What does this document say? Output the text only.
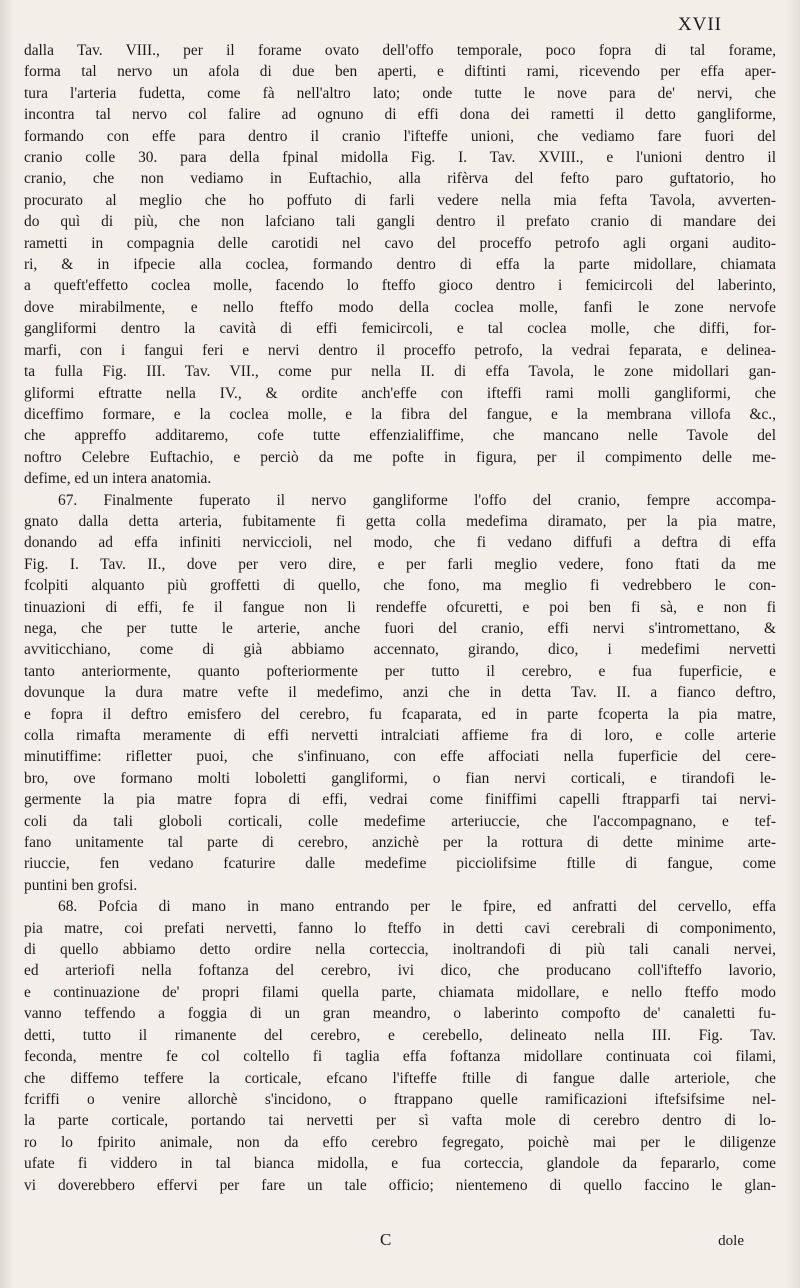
XVII
dalla Tav. VIII., per il forame ovato dell'offo temporale, poco fopra di tal forame,
forma tal nervo un afola di due ben aperti, e diftinti rami, ricevendo per effa aper-
tura l'arteria fudetta, come fà nell'altro lato; onde tutte le nove para de' nervi, che
incontra tal nervo col falire ad ognuno di effi dona dei rametti il detto gangliforme,
formando con effe para dentro il cranio l'ifteffe unioni, che vediamo fare fuori del
cranio colle 30. para della fpinal midolla Fig. I. Tav. XVIII., e l'unioni dentro il
cranio, che non vediamo in Euftachio, alla rifèrva del fefto paro guftatorio, ho
procurato al meglio che ho poffuto di farli vedere nella mia fefta Tavola, avverten-
do quì di più, che non lafciano tali gangli dentro il prefato cranio di mandare dei
rametti in compagnia delle carotidi nel cavo del proceffo petrofo agli organi audito-
ri, & in ifpecie alla coclea, formando dentro di effa la parte midollare, chiamata
a queft'effetto coclea molle, facendo lo fteffo gioco dentro i femicircoli del laberinto,
dove mirabilmente, e nello fteffo modo della coclea molle, fanfi le zone nervofe
gangliformi dentro la cavità di effi femicircoli, e tal coclea molle, che diffi, for-
marfi, con i fangui feri e nervi dentro il proceffo petrofo, la vedrai feparata, e delinea-
ta fulla Fig. III. Tav. VII., come pur nella II. di effa Tavola, le zone midollari gan-
gliformi eftratte nella IV., & ordite anch'effe con ifteffi rami molli gangliformi, che
diceffimo formare, e la coclea molle, e la fibra del fangue, e la membrana villofa &c.,
che appreffo additaremo, cofe tutte effenzialiffime, che mancano nelle Tavole del
noftro Celebre Euftachio, e perciò da me pofte in figura, per il compimento delle me-
defime, ed un intera anatomia.
67. Finalmente fuperato il nervo gangliforme l'offo del cranio, fempre accompa-
gnato dalla detta arteria, fubitamente fi getta colla medefima diramato, per la pia matre,
donando ad effa infiniti nerviccioli, nel modo, che fi vedano diffufi a deftra di effa
Fig. I. Tav. II., dove per vero dire, e per farli meglio vedere, fono ftati da me
fcolpiti alquanto più groffetti di quello, che fono, ma meglio fi vedrebbero le con-
tinuazioni di effi, fe il fangue non li rendeffe ofcuretti, e poi ben fi sà, e non fi
nega, che per tutte le arterie, anche fuori del cranio, effi nervi s'intromettano, &
avviticchiano, come di già abbiamo accennato, girando, dico, i medefimi nervetti
tanto anteriormente, quanto pofteriormente per tutto il cerebro, e fua fuperficie, e
dovunque la dura matre vefte il medefimo, anzi che in detta Tav. II. a fianco deftro,
e fopra il deftro emisfero del cerebro, fu fcaparata, ed in parte fcoperta la pia matre,
colla rimafta meramente di effi nervetti intralciati affieme fra di loro, e colle arterie
minutiffime: rifletter puoi, che s'infinuano, con effe affociati nella fuperficie del cere-
bro, ove formano molti loboletti gangliformi, o fian nervi corticali, e tirandofi le-
germente la pia matre fopra di effi, vedrai come finiffimi capelli ftrapparfi tai nervi-
coli da tali globoli corticali, colle medefime arteriuccie, che l'accompagnano, e tef-
fano unitamente tal parte di cerebro, anzichè per la rottura di dette minime arte-
riuccie, fen vedano fcaturire dalle medefime picciolifsime ftille di fangue, come
puntini ben grofsi.
68. Pofcia di mano in mano entrando per le fpire, ed anfratti del cervello, effa
pia matre, coi prefati nervetti, fanno lo fteffo in detti cavi cerebrali di componimento,
di quello abbiamo detto ordire nella corteccia, inoltrandofi di più tali canali nervei,
ed arteriofi nella foftanza del cerebro, ivi dico, che producano coll'ifteffo lavorio,
e continuazione de' propri filami quella parte, chiamata midollare, e nello fteffo modo
vanno teffendo a foggia di un gran meandro, o laberinto compofto de' canaletti fu-
detti, tutto il rimanente del cerebro, e cerebello, delineato nella III. Fig. Tav.
feconda, mentre fe col coltello fi taglia effa foftanza midollare continuata coi filami,
che diffemo teffere la corticale, efcano l'ifteffe ftille di fangue dalle arteriole, che
fcriffi o venire allorchè s'incidono, o ftrappano quelle ramificazioni iftefsifsime nel-
la parte corticale, portando tai nervetti per sì vafta mole di cerebro dentro di lo-
ro lo fpirito animale, non da effo cerebro fegregato, poichè mai per le diligenze
ufate fi viddero in tal bianca midolla, e fua corteccia, glandole da fepararlo, come
vi doverebbero effervi per fare un tale officio; nientemeno di quello faccino le glan-
C	dole
